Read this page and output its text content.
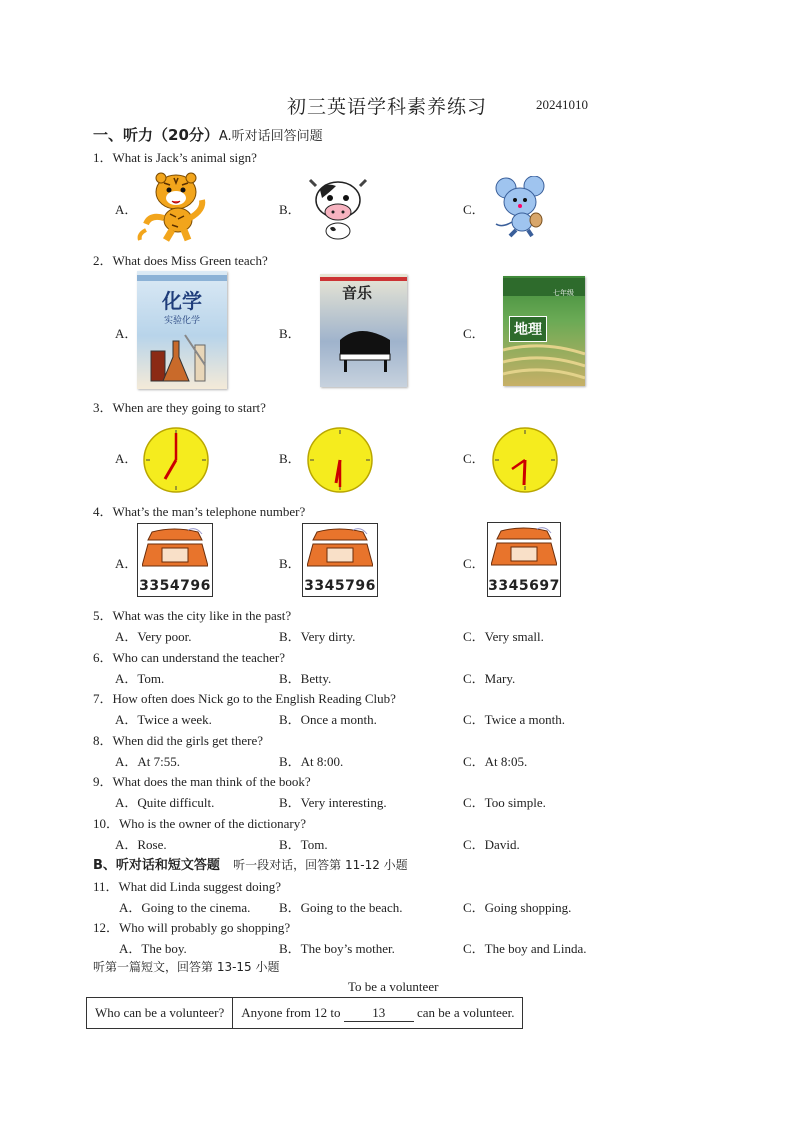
初三英语学科素养练习	20241010
一、听力（20分）A.听对话回答问题
1．What is Jack’s animal sign?
A．	B．	C．
2．What does Miss Green teach?
A．	B．	C．
化学
实验化学
音乐	七年级
地理
3．When are they going to start?
A．	B．	C．
4．What’s the man’s telephone number?
A．	B．	C．
3354796	3345796	3345697
5．What was the city like in the past?
A．Very poor.	B．Very dirty.	C．Very small.
6．Who can understand the teacher?
A．Tom.	B．Betty.	C．Mary.
7．How often does Nick go to the English Reading Club?
A．Twice a week.	B．Once a month.	C．Twice a month.
8．When did the girls get there?
A．At 7:55.	B．At 8:00.	C．At 8:05.
9．What does the man think of the book?
A．Quite difficult.	B．Very interesting.	C．Too simple.
10．Who is the owner of the dictionary?
A．Rose.	B．Tom.	C．David.
B、听对话和短文答题 听一段对话，回答第 11-12 小题
11．What did Linda suggest doing?
A．Going to the cinema. B．Going to the beach.	C．Going shopping.
12．Who will probably go shopping?
A．The boy.	B．The boy’s mother.	C．The boy and Linda.
听第一篇短文，回答第 13-15 小题
To be a volunteer
Who can be a volunteer?	Anyone from 12 to 13 can be a volunteer.
